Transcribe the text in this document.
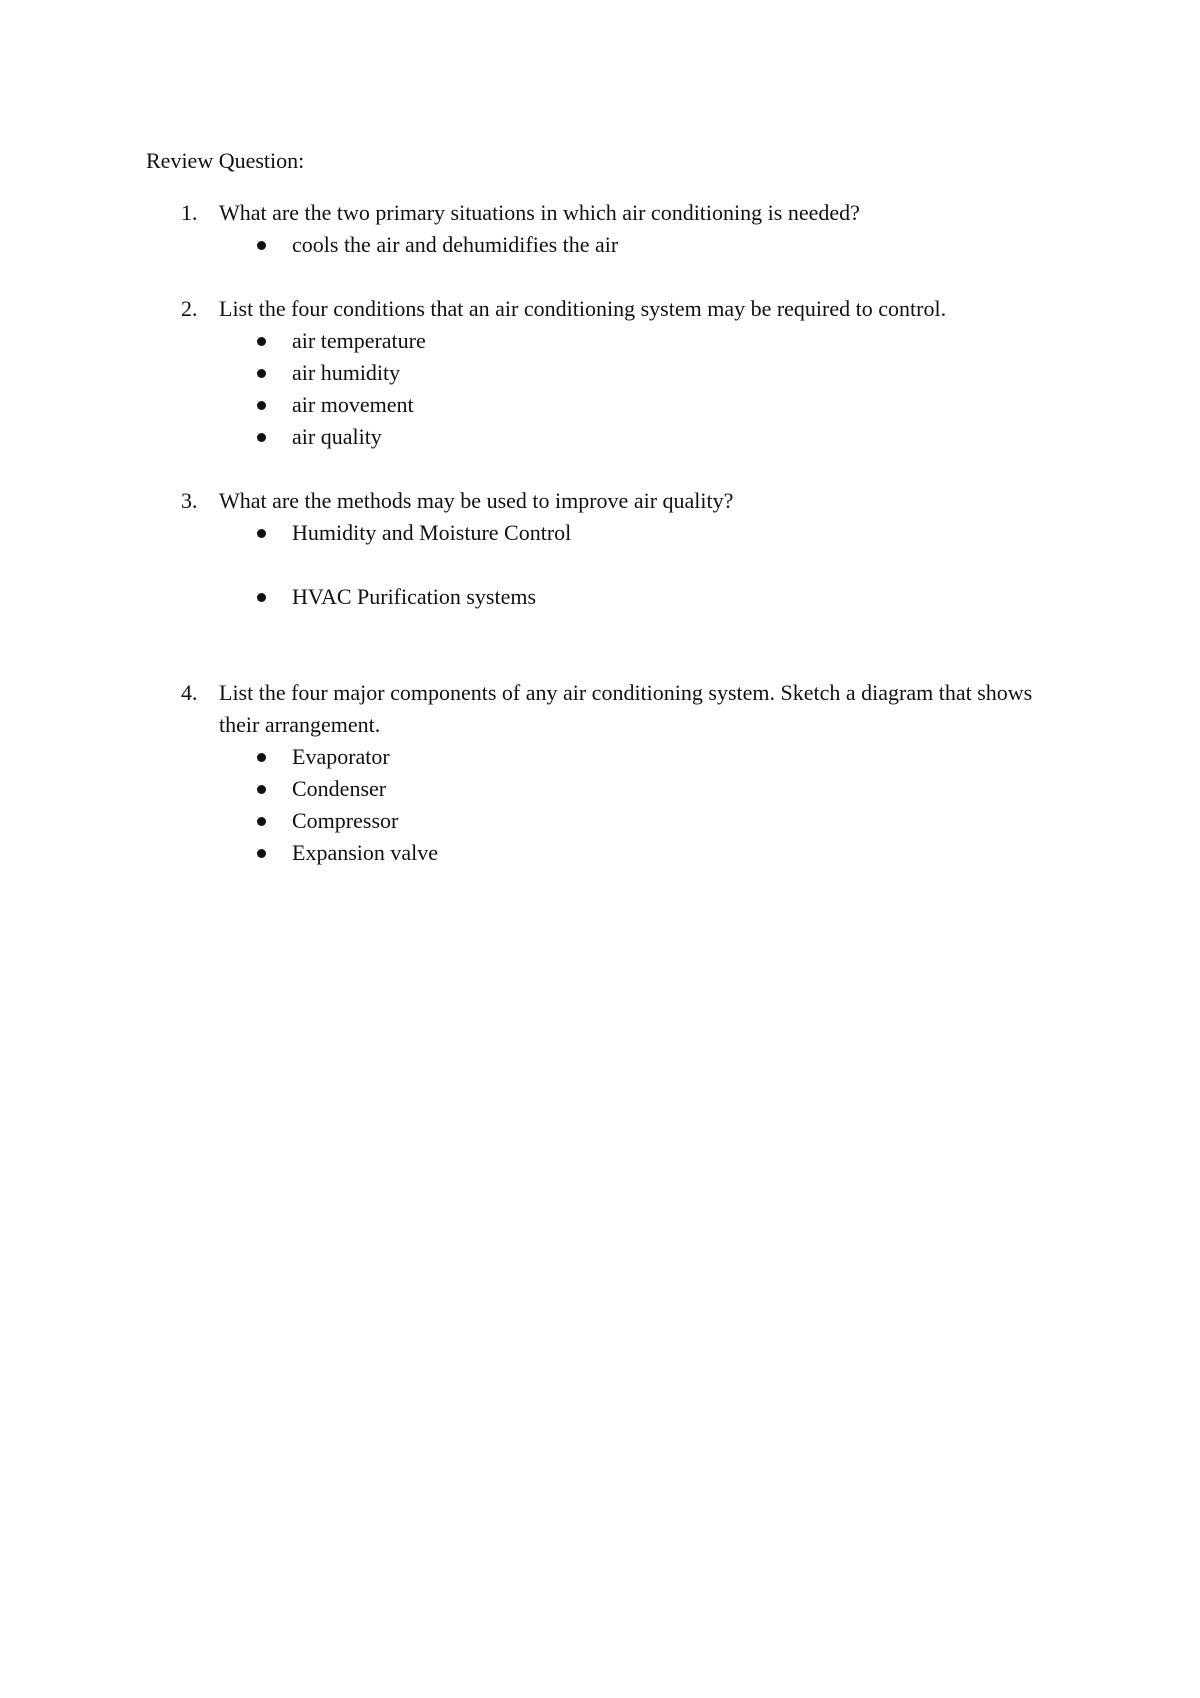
Review Question:
1. What are the two primary situations in which air conditioning is needed?
cools the air and dehumidifies the air
2. List the four conditions that an air conditioning system may be required to control.
air temperature
air humidity
air movement
air quality
3. What are the methods may be used to improve air quality?
Humidity and Moisture Control
HVAC Purification systems
4. List the four major components of any air conditioning system. Sketch a diagram that shows their arrangement.
Evaporator
Condenser
Compressor
Expansion valve
